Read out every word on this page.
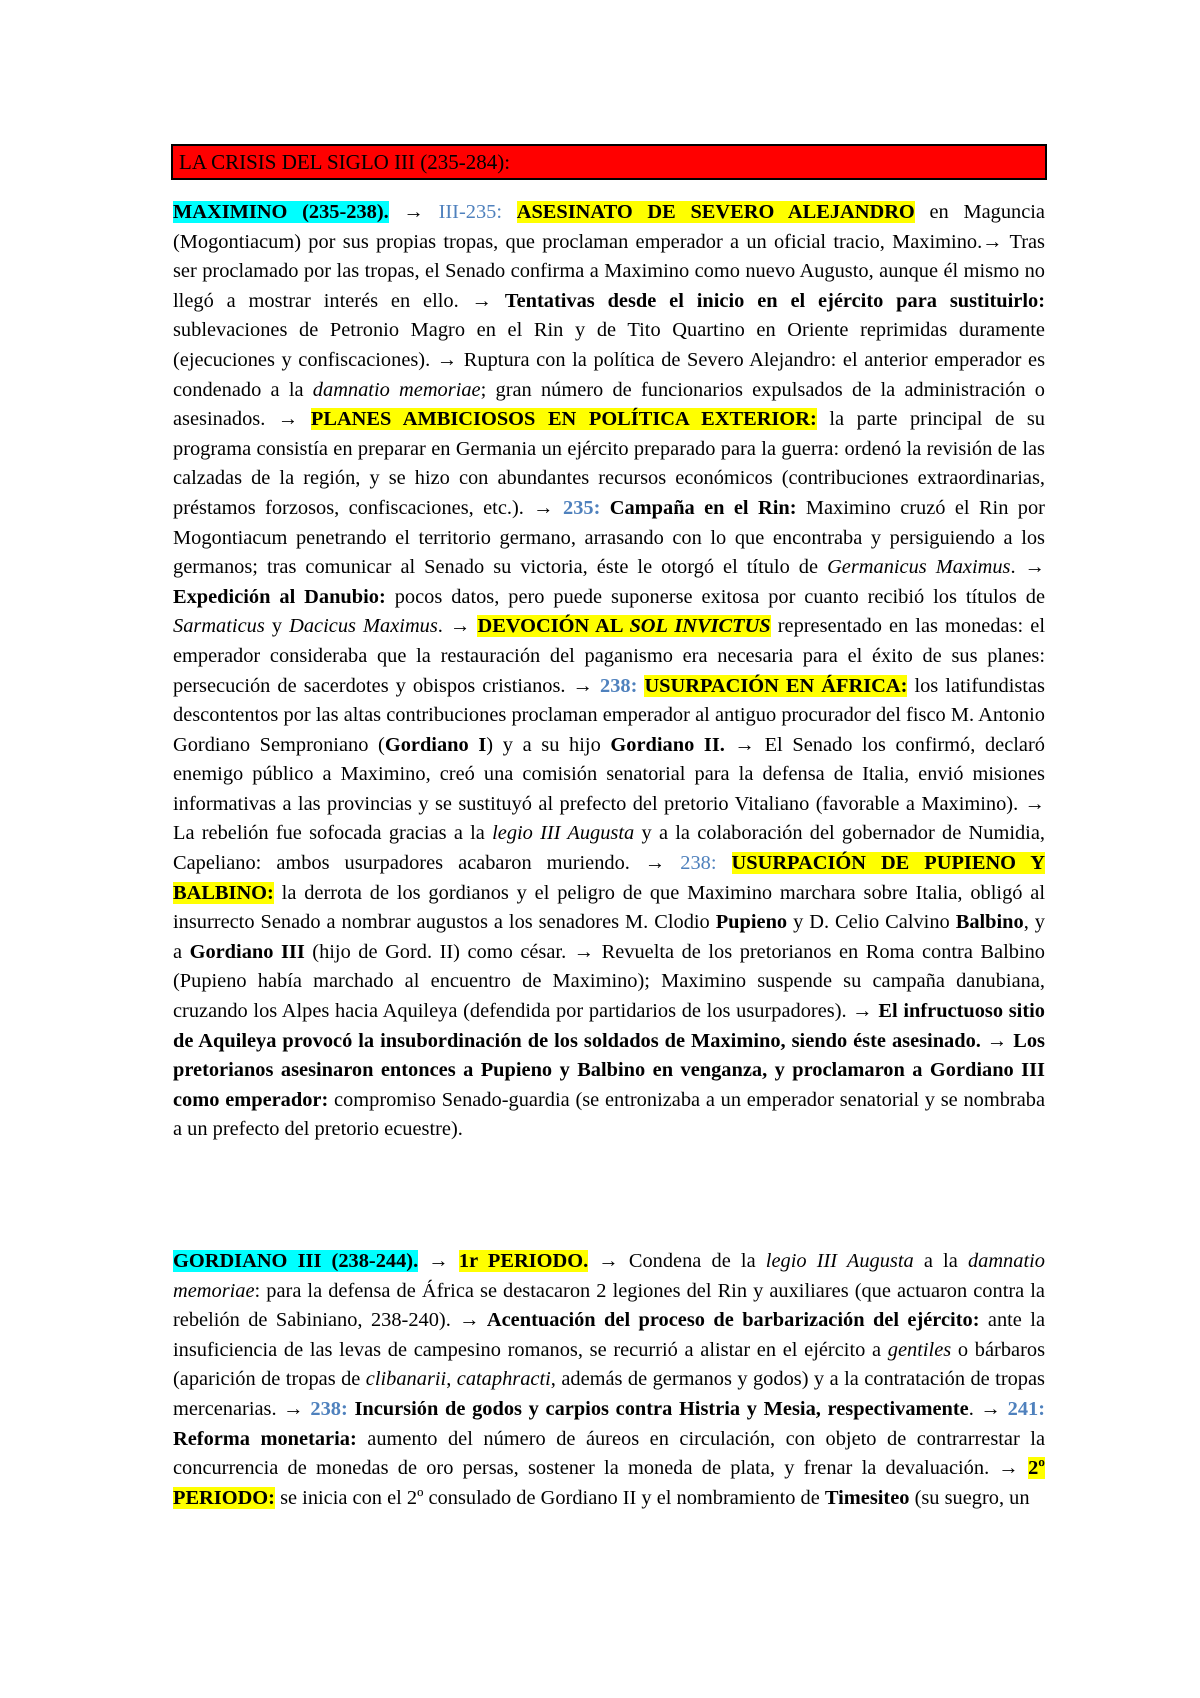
LA CRISIS DEL SIGLO III (235-284):

MAXIMINO (235-238). → III-235: ASESINATO DE SEVERO ALEJANDRO en Maguncia (Mogontiacum) por sus propias tropas, que proclaman emperador a un oficial tracio, Maximino.→ Tras ser proclamado por las tropas, el Senado confirma a Maximino como nuevo Augusto, aunque él mismo no llegó a mostrar interés en ello. → Tentativas desde el inicio en el ejército para sustituirlo: sublevaciones de Petronio Magro en el Rin y de Tito Quartino en Oriente reprimidas duramente (ejecuciones y confiscaciones). → Ruptura con la política de Severo Alejandro: el anterior emperador es condenado a la damnatio memoriae; gran número de funcionarios expulsados de la administración o asesinados. → PLANES AMBICIOSOS EN POLÍTICA EXTERIOR: la parte principal de su programa consistía en preparar en Germania un ejército preparado para la guerra: ordenó la revisión de las calzadas de la región, y se hizo con abundantes recursos económicos (contribuciones extraordinarias, préstamos forzosos, confiscaciones, etc.). → 235: Campaña en el Rin: Maximino cruzó el Rin por Mogontiacum penetrando el territorio germano, arrasando con lo que encontraba y persiguiendo a los germanos; tras comunicar al Senado su victoria, éste le otorgó el título de Germanicus Maximus. → Expedición al Danubio: pocos datos, pero puede suponerse exitosa por cuanto recibió los títulos de Sarmaticus y Dacicus Maximus. → DEVOCIÓN AL SOL INVICTUS representado en las monedas: el emperador consideraba que la restauración del paganismo era necesaria para el éxito de sus planes: persecución de sacerdotes y obispos cristianos. → 238: USURPACIÓN EN ÁFRICA: los latifundistas descontentos por las altas contribuciones proclaman emperador al antiguo procurador del fisco M. Antonio Gordiano Semproniano (Gordiano I) y a su hijo Gordiano II. → El Senado los confirmó, declaró enemigo público a Maximino, creó una comisión senatorial para la defensa de Italia, envió misiones informativas a las provincias y se sustituyó al prefecto del pretorio Vitaliano (favorable a Maximino). → La rebelión fue sofocada gracias a la legio III Augusta y a la colaboración del gobernador de Numidia, Capeliano: ambos usurpadores acabaron muriendo. → 238: USURPACIÓN DE PUPIENO Y BALBINO: la derrota de los gordianos y el peligro de que Maximino marchara sobre Italia, obligó al insurrecto Senado a nombrar augustos a los senadores M. Clodio Pupieno y D. Celio Calvino Balbino, y a Gordiano III (hijo de Gord. II) como césar. → Revuelta de los pretorianos en Roma contra Balbino (Pupieno había marchado al encuentro de Maximino); Maximino suspende su campaña danubiana, cruzando los Alpes hacia Aquileya (defendida por partidarios de los usurpadores). → El infructuoso sitio de Aquileya provocó la insubordinación de los soldados de Maximino, siendo éste asesinado. → Los pretorianos asesinaron entonces a Pupieno y Balbino en venganza, y proclamaron a Gordiano III como emperador: compromiso Senado-guardia (se entronizaba a un emperador senatorial y se nombraba a un prefecto del pretorio ecuestre).

GORDIANO III (238-244). → 1r PERIODO. → Condena de la legio III Augusta a la damnatio memoriae: para la defensa de África se destacaron 2 legiones del Rin y auxiliares (que actuaron contra la rebelión de Sabiniano, 238-240). → Acentuación del proceso de barbarización del ejército: ante la insuficiencia de las levas de campesino romanos, se recurrió a alistar en el ejército a gentiles o bárbaros (aparición de tropas de clibanarii, cataphracti, además de germanos y godos) y a la contratación de tropas mercenarias. → 238: Incursión de godos y carpios contra Histria y Mesia, respectivamente. → 241: Reforma monetaria: aumento del número de áureos en circulación, con objeto de contrarrestar la concurrencia de monedas de oro persas, sostener la moneda de plata, y frenar la devaluación. → 2º PERIODO: se inicia con el 2º consulado de Gordiano II y el nombramiento de Timesiteo (su suegro, un
